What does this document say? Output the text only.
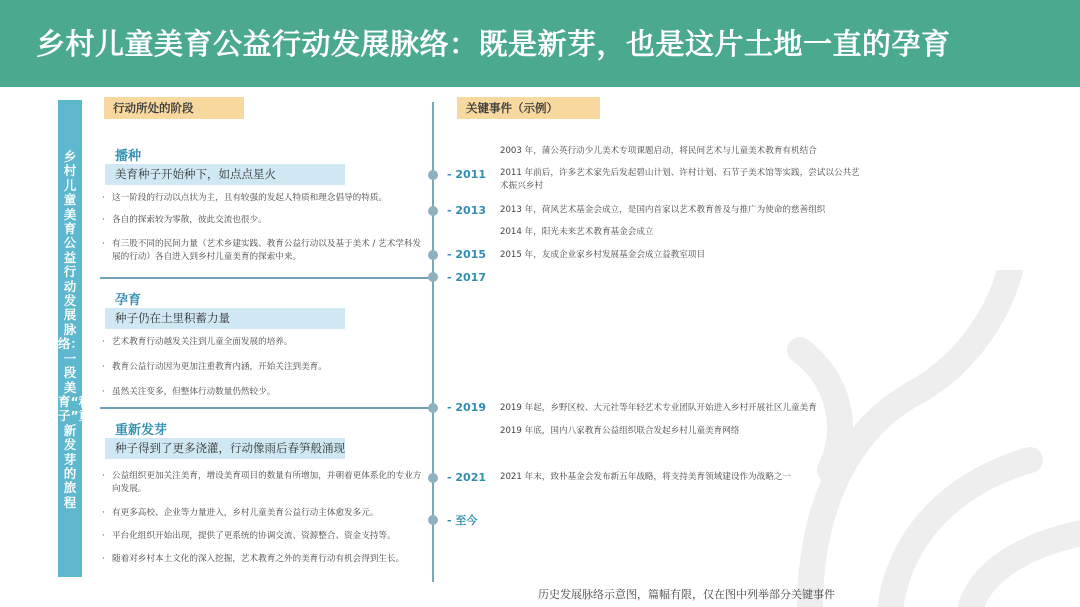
乡村儿童美育公益行动发展脉络：既是新芽，也是这片土地一直的孕育
乡村儿童美育公益行动发展脉络：一段美育“种子”重新发芽的旅程
行动所处的阶段	关键事件（示例）
播种
美育种子开始种下，如点点星火
· 这一阶段的行动以点状为主，且有较强的发起人特质和理念倡导的特质。
· 各自的探索较为零散，彼此交流也很少。
· 有三股不同的民间力量（艺术乡建实践、教育公益行动以及基于美术 / 艺术学科发展的行动）各自进入到乡村儿童美育的探索中来。
孕育
种子仍在土里积蓄力量
· 艺术教育行动越发关注到儿童全面发展的培养。
· 教育公益行动因为更加注重教育内涵，开始关注到美育。
· 虽然关注变多，但整体行动数量仍然较少。
重新发芽
种子得到了更多浇灌，行动像雨后春笋般涌现
· 公益组织更加关注美育，增设美育项目的数量有所增加，并朝着更体系化的专业方向发展。
· 有更多高校、企业等力量进入，乡村儿童美育公益行动主体愈发多元。
· 平台化组织开始出现，提供了更系统的协调交流、资源整合、资金支持等。
· 随着对乡村本土文化的深入挖掘，艺术教育之外的美育行动有机会得到生长。
- 2011
- 2013
- 2015
- 2017
- 2019
- 2021
- 至今
2003 年，蒲公英行动少儿美术专项课题启动，将民间艺术与儿童美术教育有机结合
2011 年前后，许多艺术家先后发起碧山计划、许村计划、石节子美术馆等实践，尝试以公共艺术振兴乡村
2013 年，荷风艺术基金会成立，是国内首家以艺术教育普及与推广为使命的慈善组织
2014 年，阳光未来艺术教育基金会成立
2015 年，友成企业家乡村发展基金会成立益教室项目
2019 年起，乡野区校、大元社等年轻艺术专业团队开始进入乡村开展社区儿童美育
2019 年底，国内八家教育公益组织联合发起乡村儿童美育网络
2021 年末，致朴基金会发布新五年战略，将支持美育领域建设作为战略之一
历史发展脉络示意图，篇幅有限，仅在图中列举部分关键事件
